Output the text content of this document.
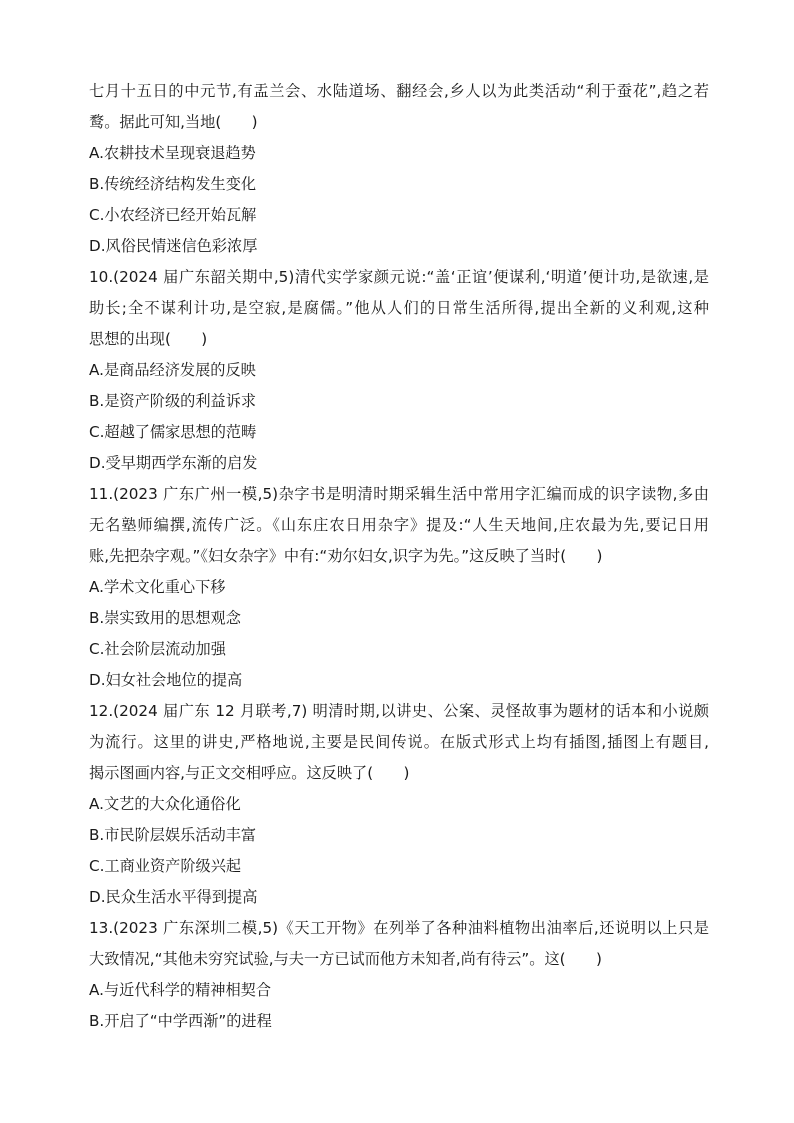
七月十五日的中元节,有盂兰会、水陆道场、翻经会,乡人以为此类活动“利于蚕花”,趋之若
鹜。据此可知,当地(　　)
A.农耕技术呈现衰退趋势
B.传统经济结构发生变化
C.小农经济已经开始瓦解
D.风俗民情迷信色彩浓厚
10.(2024 届广东韶关期中,5)清代实学家颜元说:“盖‘正谊’便谋利,‘明道’便计功,是欲速,是
助长;全不谋利计功,是空寂,是腐儒。”他从人们的日常生活所得,提出全新的义利观,这种
思想的出现(　　)
A.是商品经济发展的反映
B.是资产阶级的利益诉求
C.超越了儒家思想的范畴
D.受早期西学东渐的启发
11.(2023 广东广州一模,5)杂字书是明清时期采辑生活中常用字汇编而成的识字读物,多由
无名塾师编撰,流传广泛。《山东庄农日用杂字》提及:“人生天地间,庄农最为先,要记日用
账,先把杂字观。”《妇女杂字》中有:“劝尔妇女,识字为先。”这反映了当时(　　)
A.学术文化重心下移
B.崇实致用的思想观念
C.社会阶层流动加强
D.妇女社会地位的提高
12.(2024 届广东 12 月联考,7) 明清时期,以讲史、公案、灵怪故事为题材的话本和小说颇
为流行。这里的讲史,严格地说,主要是民间传说。在版式形式上均有插图,插图上有题目,
揭示图画内容,与正文交相呼应。这反映了(　　)
A.文艺的大众化通俗化
B.市民阶层娱乐活动丰富
C.工商业资产阶级兴起
D.民众生活水平得到提高
13.(2023 广东深圳二模,5)《天工开物》在列举了各种油料植物出油率后,还说明以上只是
大致情况,“其他未穷究试验,与夫一方已试而他方未知者,尚有待云”。这(　　)
A.与近代科学的精神相契合
B.开启了“中学西渐”的进程
